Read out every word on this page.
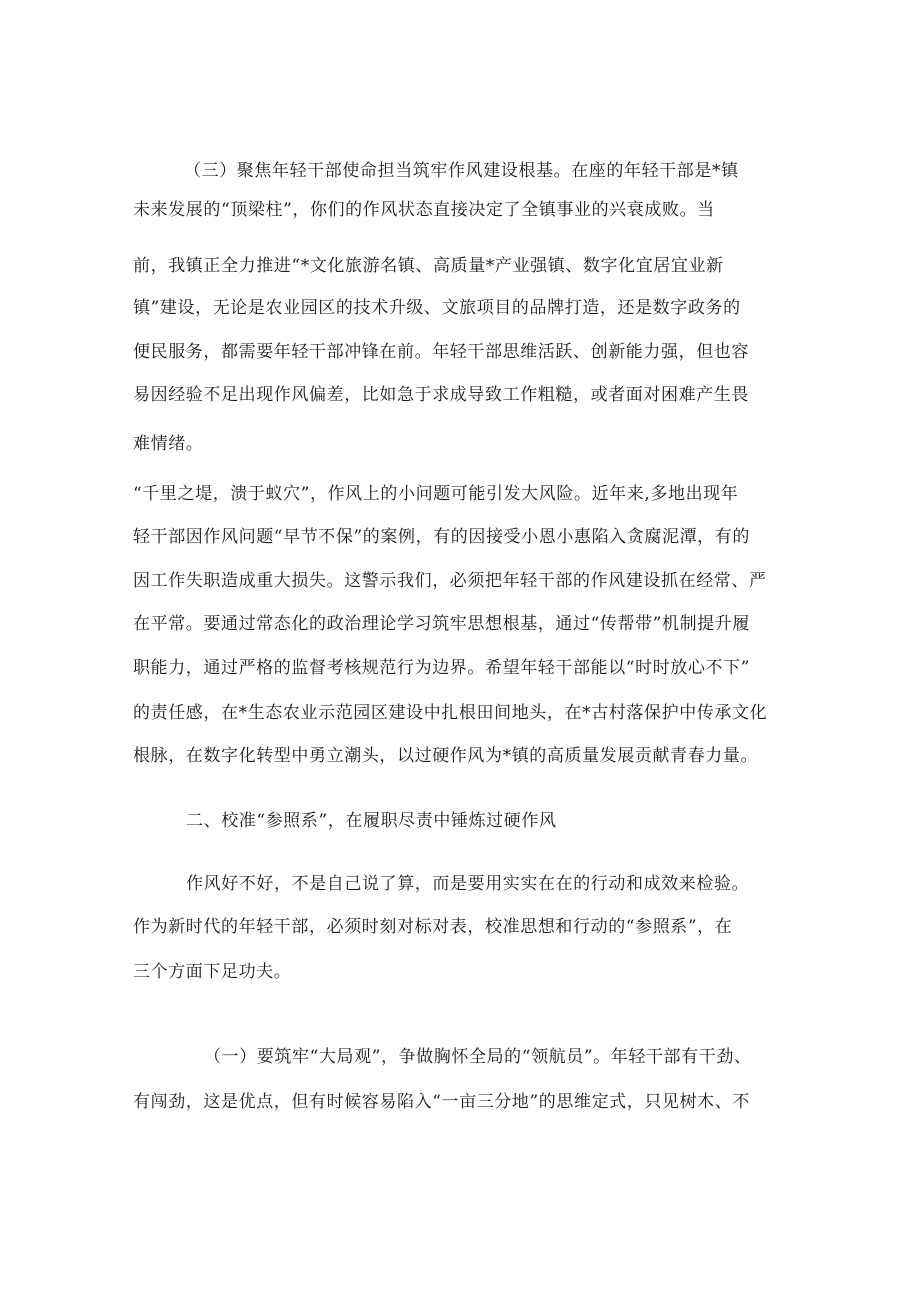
（三）聚焦年轻干部使命担当筑牢作风建设根基。在座的年轻干部是*镇
未来发展的“顶梁柱”，你们的作风状态直接决定了全镇事业的兴衰成败。当
前，我镇正全力推进“*文化旅游名镇、高质量*产业强镇、数字化宜居宜业新
镇”建设，无论是农业园区的技术升级、文旅项目的品牌打造，还是数字政务的
便民服务，都需要年轻干部冲锋在前。年轻干部思维活跃、创新能力强，但也容
易因经验不足出现作风偏差，比如急于求成导致工作粗糙，或者面对困难产生畏
难情绪。
“千里之堤，溃于蚁穴”，作风上的小问题可能引发大风险。近年来,多地出现年
轻干部因作风问题“早节不保”的案例，有的因接受小恩小惠陷入贪腐泥潭，有的
因工作失职造成重大损失。这警示我们，必须把年轻干部的作风建设抓在经常、严
在平常。要通过常态化的政治理论学习筑牢思想根基，通过“传帮带”机制提升履
职能力，通过严格的监督考核规范行为边界。希望年轻干部能以“时时放心不下”
的责任感，在*生态农业示范园区建设中扎根田间地头，在*古村落保护中传承文化
根脉，在数字化转型中勇立潮头，以过硬作风为*镇的高质量发展贡献青春力量。
二、校准“参照系”，在履职尽责中锤炼过硬作风
作风好不好，不是自己说了算，而是要用实实在在的行动和成效来检验。
作为新时代的年轻干部，必须时刻对标对表，校准思想和行动的“参照系”，在
三个方面下足功夫。
（一）要筑牢“大局观”，争做胸怀全局的“领航员”。年轻干部有干劲、
有闯劲，这是优点，但有时候容易陷入“一亩三分地”的思维定式，只见树木、不
